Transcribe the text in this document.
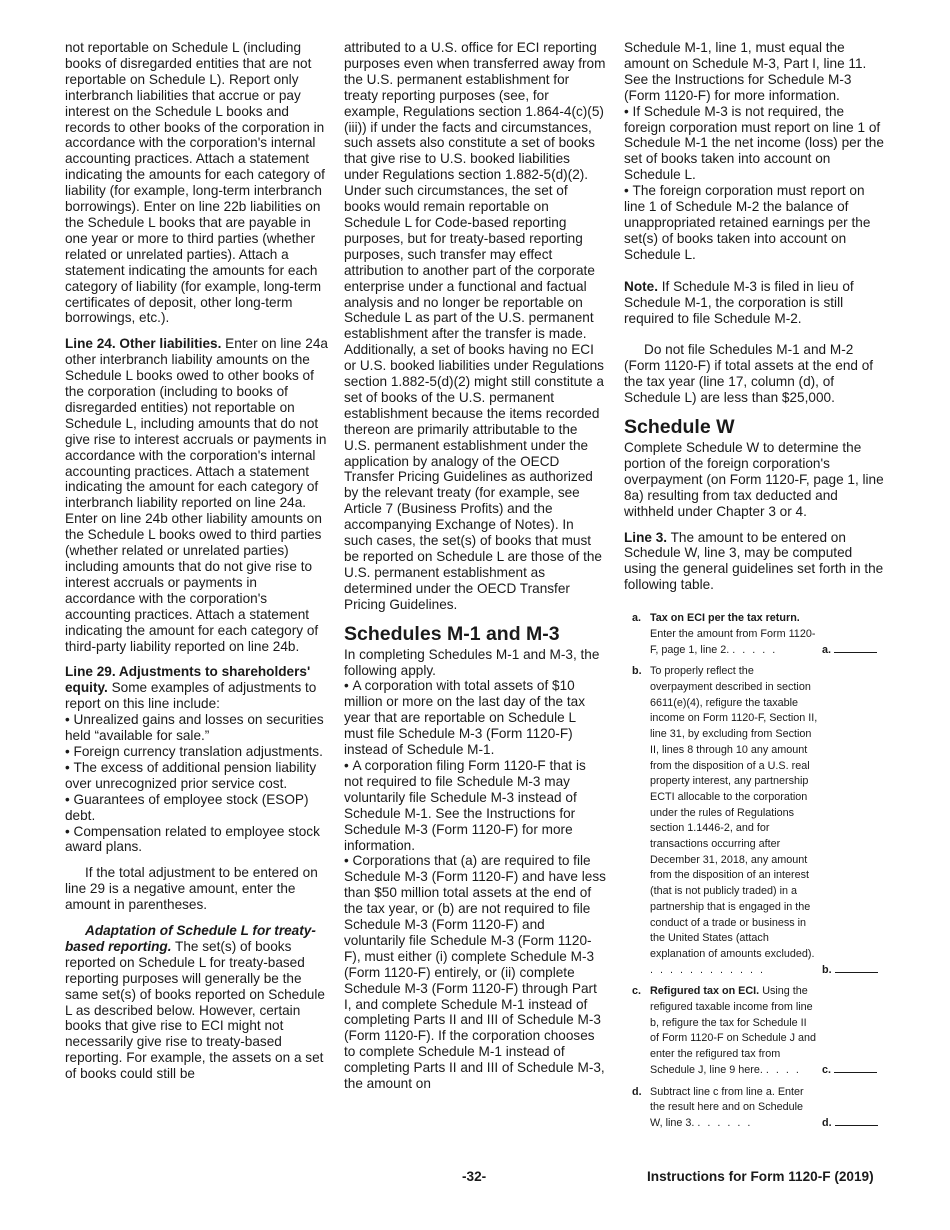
not reportable on Schedule L (including books of disregarded entities that are not reportable on Schedule L). Report only interbranch liabilities that accrue or pay interest on the Schedule L books and records to other books of the corporation in accordance with the corporation's internal accounting practices. Attach a statement indicating the amounts for each category of liability (for example, long-term interbranch borrowings). Enter on line 22b liabilities on the Schedule L books that are payable in one year or more to third parties (whether related or unrelated parties). Attach a statement indicating the amounts for each category of liability (for example, long-term certificates of deposit, other long-term borrowings, etc.).

Line 24. Other liabilities. Enter on line 24a other interbranch liability amounts on the Schedule L books owed to other books of the corporation (including to books of disregarded entities) not reportable on Schedule L, including amounts that do not give rise to interest accruals or payments in accordance with the corporation's internal accounting practices. Attach a statement indicating the amount for each category of interbranch liability reported on line 24a. Enter on line 24b other liability amounts on the Schedule L books owed to third parties (whether related or unrelated parties) including amounts that do not give rise to interest accruals or payments in accordance with the corporation's accounting practices. Attach a statement indicating the amount for each category of third-party liability reported on line 24b.

Line 29. Adjustments to shareholders' equity. Some examples of adjustments to report on this line include:

• Unrealized gains and losses on securities held “available for sale.”

• Foreign currency translation adjustments.

• The excess of additional pension liability over unrecognized prior service cost.

• Guarantees of employee stock (ESOP) debt.

• Compensation related to employee stock award plans.

If the total adjustment to be entered on line 29 is a negative amount, enter the amount in parentheses.

Adaptation of Schedule L for treaty-based reporting. The set(s) of books reported on Schedule L for treaty-based reporting purposes will generally be the same set(s) of books reported on Schedule L as described below. However, certain books that give rise to ECI might not necessarily give rise to treaty-based reporting. For example, the assets on a set of books could still be

attributed to a U.S. office for ECI reporting purposes even when transferred away from the U.S. permanent establishment for treaty reporting purposes (see, for example, Regulations section 1.864-4(c)(5)(iii)) if under the facts and circumstances, such assets also constitute a set of books that give rise to U.S. booked liabilities under Regulations section 1.882-5(d)(2). Under such circumstances, the set of books would remain reportable on Schedule L for Code-based reporting purposes, but for treaty-based reporting purposes, such transfer may effect attribution to another part of the corporate enterprise under a functional and factual analysis and no longer be reportable on Schedule L as part of the U.S. permanent establishment after the transfer is made. Additionally, a set of books having no ECI or U.S. booked liabilities under Regulations section 1.882-5(d)(2) might still constitute a set of books of the U.S. permanent establishment because the items recorded thereon are primarily attributable to the U.S. permanent establishment under the application by analogy of the OECD Transfer Pricing Guidelines as authorized by the relevant treaty (for example, see Article 7 (Business Profits) and the accompanying Exchange of Notes). In such cases, the set(s) of books that must be reported on Schedule L are those of the U.S. permanent establishment as determined under the OECD Transfer Pricing Guidelines.

Schedules M-1 and M-3

In completing Schedules M-1 and M-3, the following apply.

• A corporation with total assets of $10 million or more on the last day of the tax year that are reportable on Schedule L must file Schedule M-3 (Form 1120-F) instead of Schedule M-1.

• A corporation filing Form 1120-F that is not required to file Schedule M-3 may voluntarily file Schedule M-3 instead of Schedule M-1. See the Instructions for Schedule M-3 (Form 1120-F) for more information.

• Corporations that (a) are required to file Schedule M-3 (Form 1120-F) and have less than $50 million total assets at the end of the tax year, or (b) are not required to file Schedule M-3 (Form 1120-F) and voluntarily file Schedule M-3 (Form 1120-F), must either (i) complete Schedule M-3 (Form 1120-F) entirely, or (ii) complete Schedule M-3 (Form 1120-F) through Part I, and complete Schedule M-1 instead of completing Parts II and III of Schedule M-3 (Form 1120-F). If the corporation chooses to complete Schedule M-1 instead of completing Parts II and III of Schedule M-3, the amount on

Schedule M-1, line 1, must equal the amount on Schedule M-3, Part I, line 11. See the Instructions for Schedule M-3 (Form 1120-F) for more information.

• If Schedule M-3 is not required, the foreign corporation must report on line 1 of Schedule M-1 the net income (loss) per the set of books taken into account on Schedule L.

• The foreign corporation must report on line 1 of Schedule M-2 the balance of unappropriated retained earnings per the set(s) of books taken into account on Schedule L.

Note. If Schedule M-3 is filed in lieu of Schedule M-1, the corporation is still required to file Schedule M-2.

Do not file Schedules M-1 and M-2 (Form 1120-F) if total assets at the end of the tax year (line 17, column (d), of Schedule L) are less than $25,000.

Schedule W

Complete Schedule W to determine the portion of the foreign corporation's overpayment (on Form 1120-F, page 1, line 8a) resulting from tax deducted and withheld under Chapter 3 or 4.

Line 3. The amount to be entered on Schedule W, line 3, may be computed using the general guidelines set forth in the following table.

a. Tax on ECI per the tax return. Enter the amount from Form 1120-F, page 1, line 2. . . . . .	a.
b. To properly reflect the overpayment described in section 6611(e)(4), refigure the taxable income on Form 1120-F, Section II, line 31, by excluding from Section II, lines 8 through 10 any amount from the disposition of a U.S. real property interest, any partnership ECTI allocable to the corporation under the rules of Regulations section 1.1446-2, and for transactions occurring after December 31, 2018, any amount from the disposition of an interest (that is not publicly traded) in a partnership that is engaged in the conduct of a trade or business in the United States (attach explanation of amounts excluded). . . . . . . . . . . . .	b.
c. Refigured tax on ECI. Using the refigured taxable income from line b, refigure the tax for Schedule II of Form 1120-F on Schedule J and enter the refigured tax from Schedule J, line 9 here. . . . .	c.
d. Subtract line c from line a. Enter the result here and on Schedule W, line 3. . . . . . .	d.
-32-	Instructions for Form 1120-F (2019)
